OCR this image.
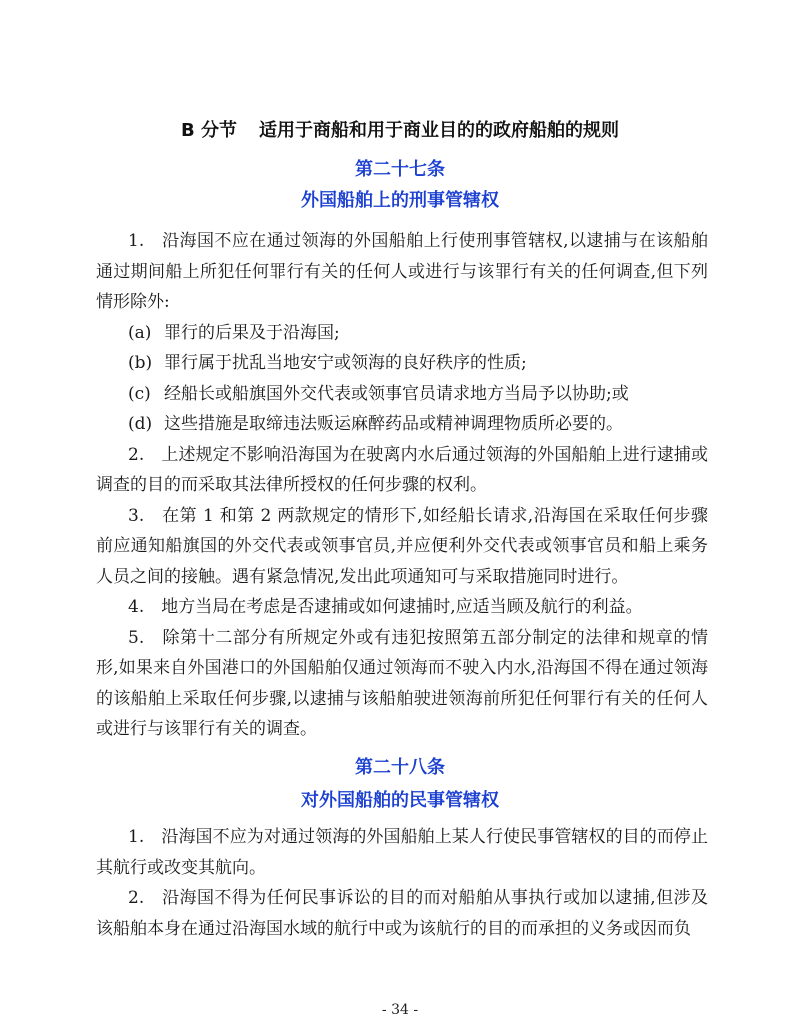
B 分节 适用于商船和用于商业目的的政府船舶的规则
第二十七条
外国船舶上的刑事管辖权

1.　沿海国不应在通过领海的外国船舶上行使刑事管辖权,以逮捕与在该船舶通过期间船上所犯任何罪行有关的任何人或进行与该罪行有关的任何调查,但下列情形除外:

(a) 罪行的后果及于沿海国;
(b) 罪行属于扰乱当地安宁或领海的良好秩序的性质;
(c) 经船长或船旗国外交代表或领事官员请求地方当局予以协助;或
(d) 这些措施是取缔违法贩运麻醉药品或精神调理物质所必要的。

2.　上述规定不影响沿海国为在驶离内水后通过领海的外国船舶上进行逮捕或调查的目的而采取其法律所授权的任何步骤的权利。

3.　在第 1 和第 2 两款规定的情形下,如经船长请求,沿海国在采取任何步骤前应通知船旗国的外交代表或领事官员,并应便利外交代表或领事官员和船上乘务人员之间的接触。遇有紧急情况,发出此项通知可与采取措施同时进行。

4.　地方当局在考虑是否逮捕或如何逮捕时,应适当顾及航行的利益。

5.　除第十二部分有所规定外或有违犯按照第五部分制定的法律和规章的情形,如果来自外国港口的外国船舶仅通过领海而不驶入内水,沿海国不得在通过领海的该船舶上采取任何步骤,以逮捕与该船舶驶进领海前所犯任何罪行有关的任何人或进行与该罪行有关的调查。

第二十八条
对外国船舶的民事管辖权

1.　沿海国不应为对通过领海的外国船舶上某人行使民事管辖权的目的而停止其航行或改变其航向。

2.　沿海国不得为任何民事诉讼的目的而对船舶从事执行或加以逮捕,但涉及该船舶本身在通过沿海国水域的航行中或为该航行的目的而承担的义务或因而负

- 34 -
